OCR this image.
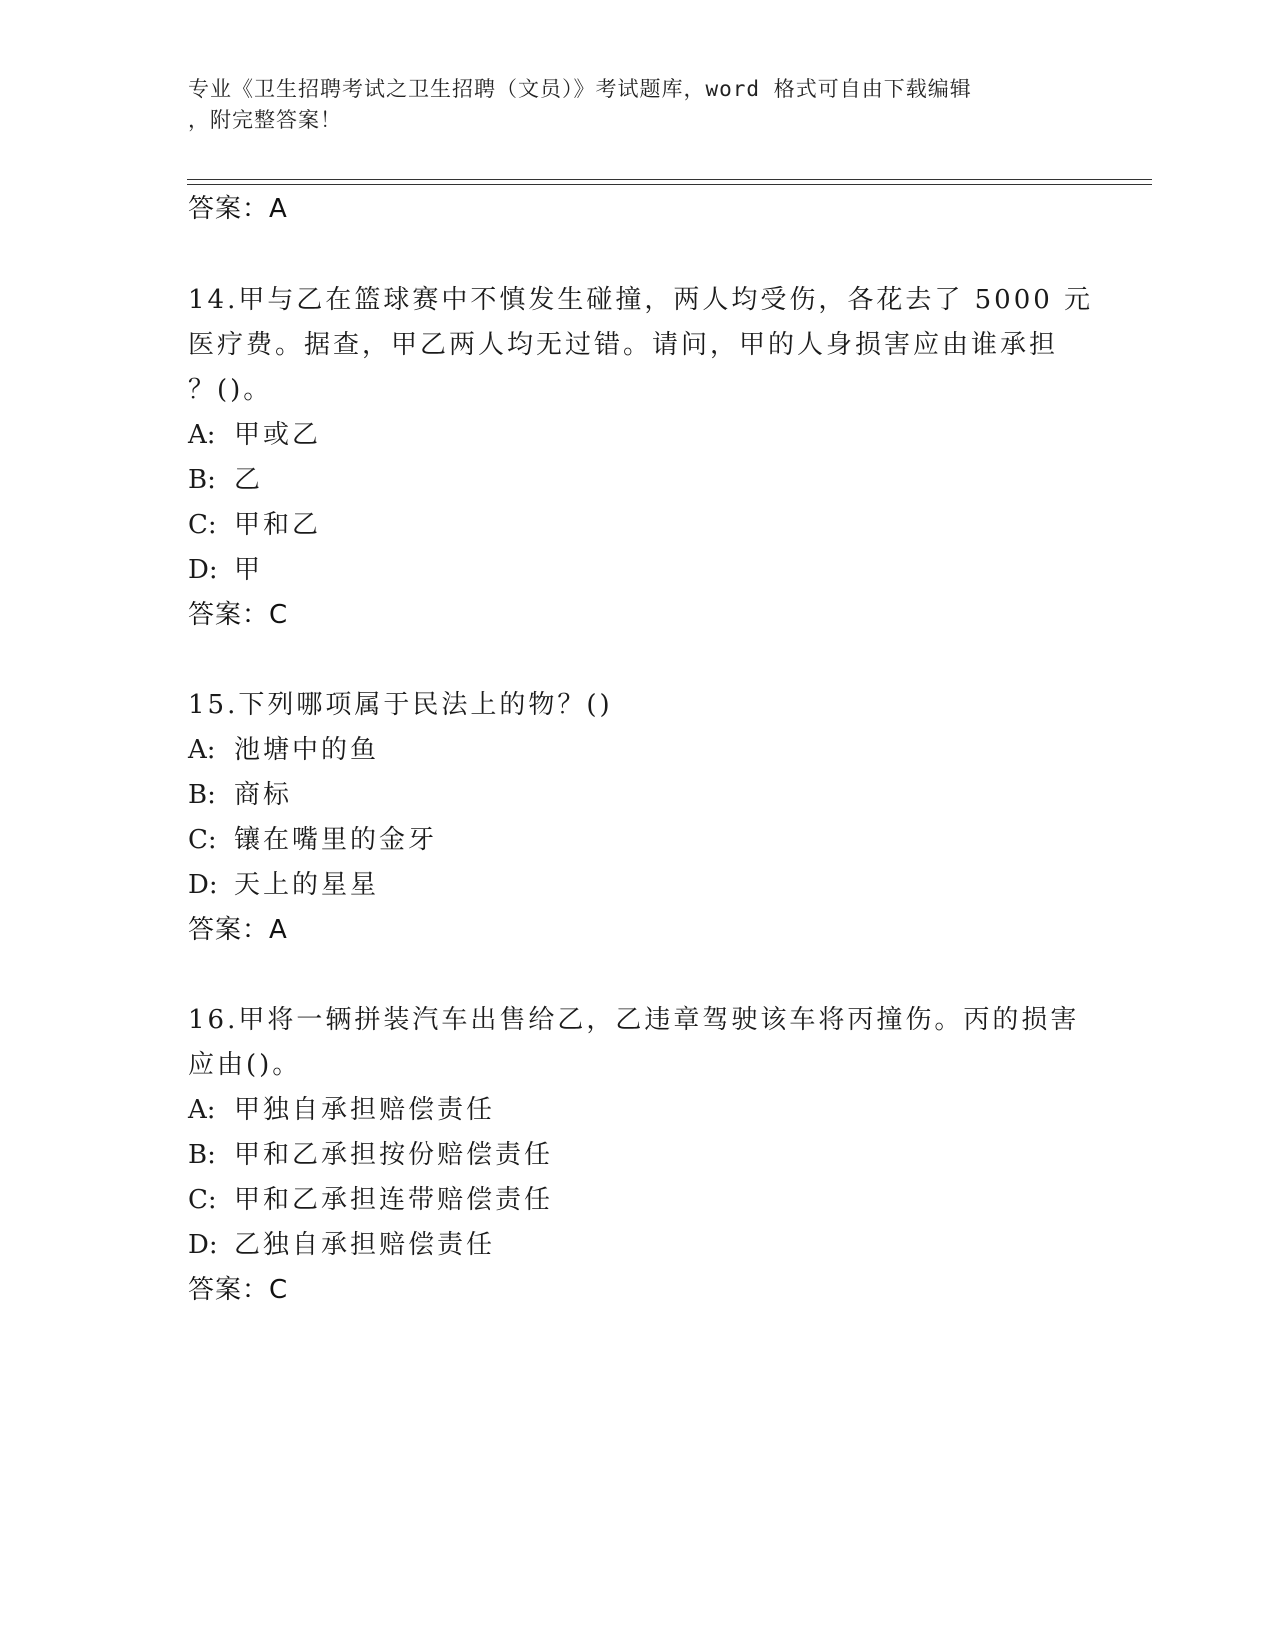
专业《卫生招聘考试之卫生招聘（文员）》考试题库，word 格式可自由下载编辑
，附完整答案！
答案：A
14.甲与乙在篮球赛中不慎发生碰撞，两人均受伤，各花去了 5000 元
医疗费。据查，甲乙两人均无过错。请问，甲的人身损害应由谁承担
？()。
A: 甲或乙
B: 乙
C: 甲和乙
D: 甲
答案：C
15.下列哪项属于民法上的物？()
A: 池塘中的鱼
B: 商标
C: 镶在嘴里的金牙
D: 天上的星星
答案：A
16.甲将一辆拼装汽车出售给乙，乙违章驾驶该车将丙撞伤。丙的损害
应由()。
A: 甲独自承担赔偿责任
B: 甲和乙承担按份赔偿责任
C: 甲和乙承担连带赔偿责任
D: 乙独自承担赔偿责任
答案：C
